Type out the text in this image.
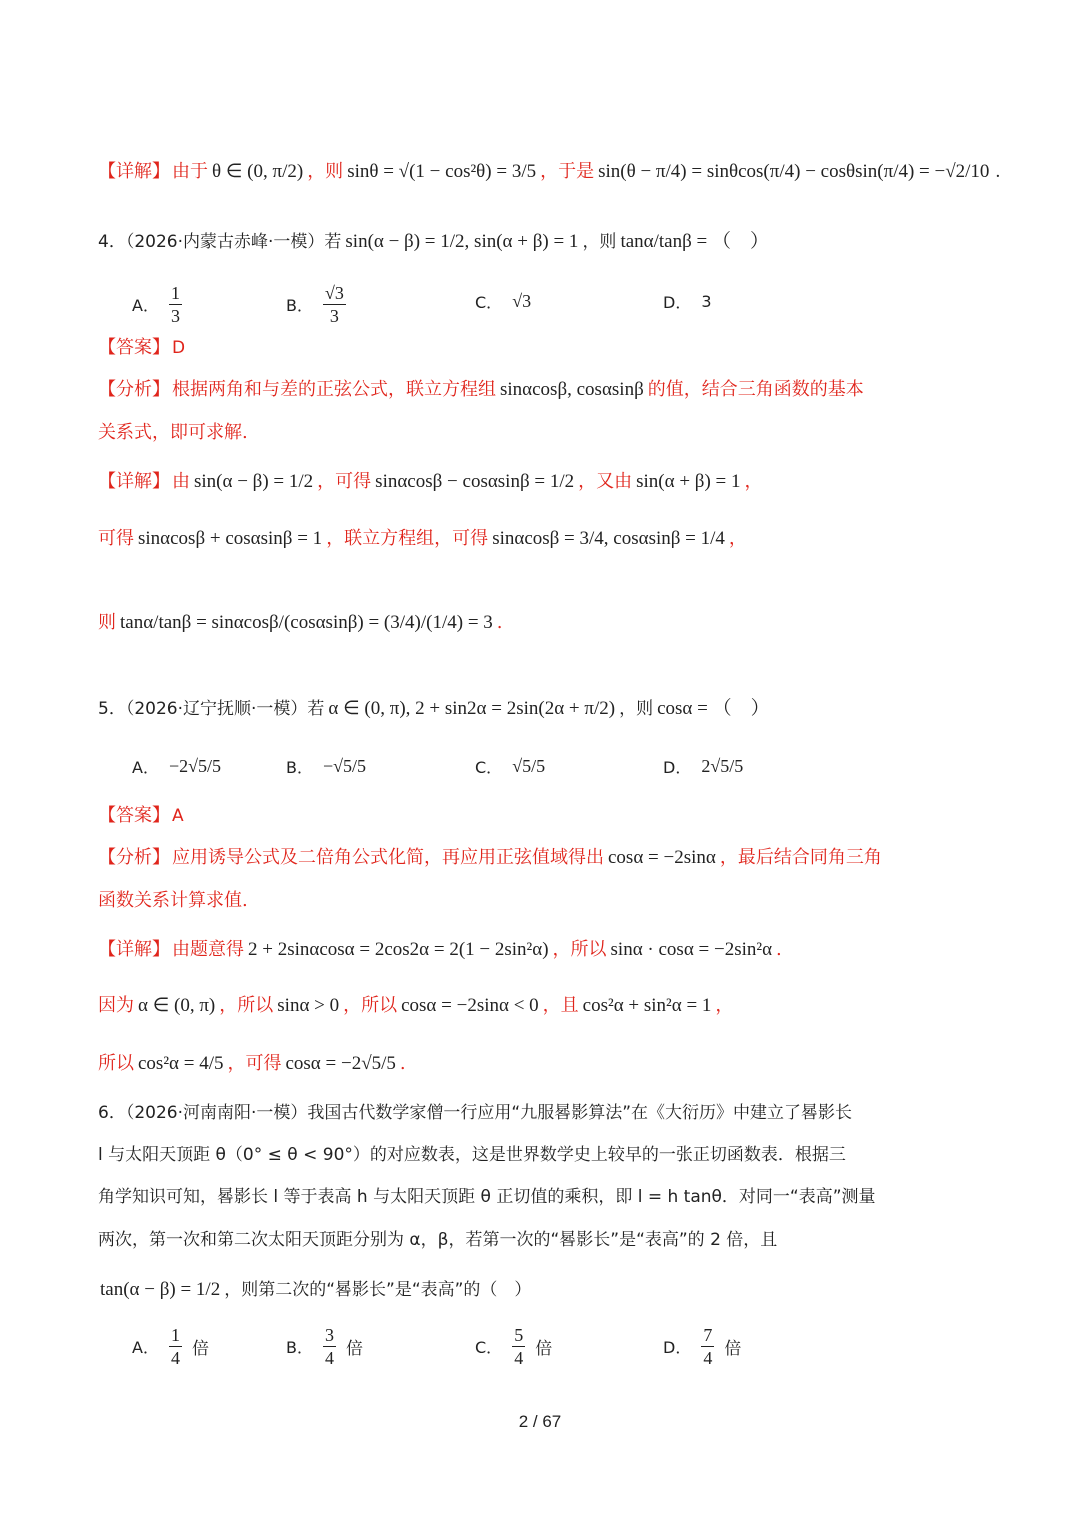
【详解】 由于 θ ∈ (0, π/2) ，则 sinθ = √(1 − cos²θ) = 3/5 ，于是 sin(θ − π/4) = sinθcos(π/4) − cosθsin(π/4) = −√2/10 .
4．（2026·内蒙古赤峰·一模）若 sin(α − β) = 1/2, sin(α + β) = 1 ，则 tanα/tanβ = （　）
A． $\frac{1}{3}$	B． $\frac{√3}{3}$	C． √3	D． 3
【答案】 D
【分析】 根据两角和与差的正弦公式，联立方程组 sinαcosβ, cosαsinβ 的值，结合三角函数的基本
关系式，即可求解.
【详解】 由 sin(α − β) = 1/2 ，可得 sinαcosβ − cosαsinβ = 1/2 ，又由 sin(α + β) = 1 ，
可得 sinαcosβ + cosαsinβ = 1 ，联立方程组，可得 sinαcosβ = 3/4, cosαsinβ = 1/4 ，
则 tanα/tanβ = sinαcosβ/(cosαsinβ) = (3/4)/(1/4) = 3 .
5．（2026·辽宁抚顺·一模）若 α ∈ (0, π), 2 + sin2α = 2sin(2α + π/2) ，则 cosα = （　）
A． −2√5/5	B． −√5/5	C． √5/5	D． 2√5/5
【答案】 A
【分析】 应用诱导公式及二倍角公式化简，再应用正弦值域得出 cosα = −2sinα ，最后结合同角三角
函数关系计算求值.
【详解】 由题意得 2 + 2sinαcosα = 2cos2α = 2(1 − 2sin²α) ，所以 sinα · cosα = −2sin²α .
因为 α ∈ (0, π) ，所以 sinα > 0 ，所以 cosα = −2sinα < 0 ，且 cos²α + sin²α = 1 ，
所以 cos²α = 4/5 ，可得 cosα = −2√5/5 .
6．（2026·河南南阳·一模）我国古代数学家僧一行应用“九服晷影算法”在《大衍历》中建立了晷影长
l 与太阳天顶距 θ（0° ≤ θ < 90°）的对应数表，这是世界数学史上较早的一张正切函数表．根据三
角学知识可知，晷影长 l 等于表高 h 与太阳天顶距 θ 正切值的乘积，即 l = h tanθ．对同一“表高”测量
两次，第一次和第二次太阳天顶距分别为 α，β，若第一次的“晷影长”是“表高”的 2 倍，且
tan(α − β) = 1/2 ，则第二次的“晷影长”是“表高”的（　）
A． $\frac{1}{4}$ 倍	B． $\frac{3}{4}$ 倍	C． $\frac{5}{4}$ 倍	D． $\frac{7}{4}$ 倍
2 / 67
